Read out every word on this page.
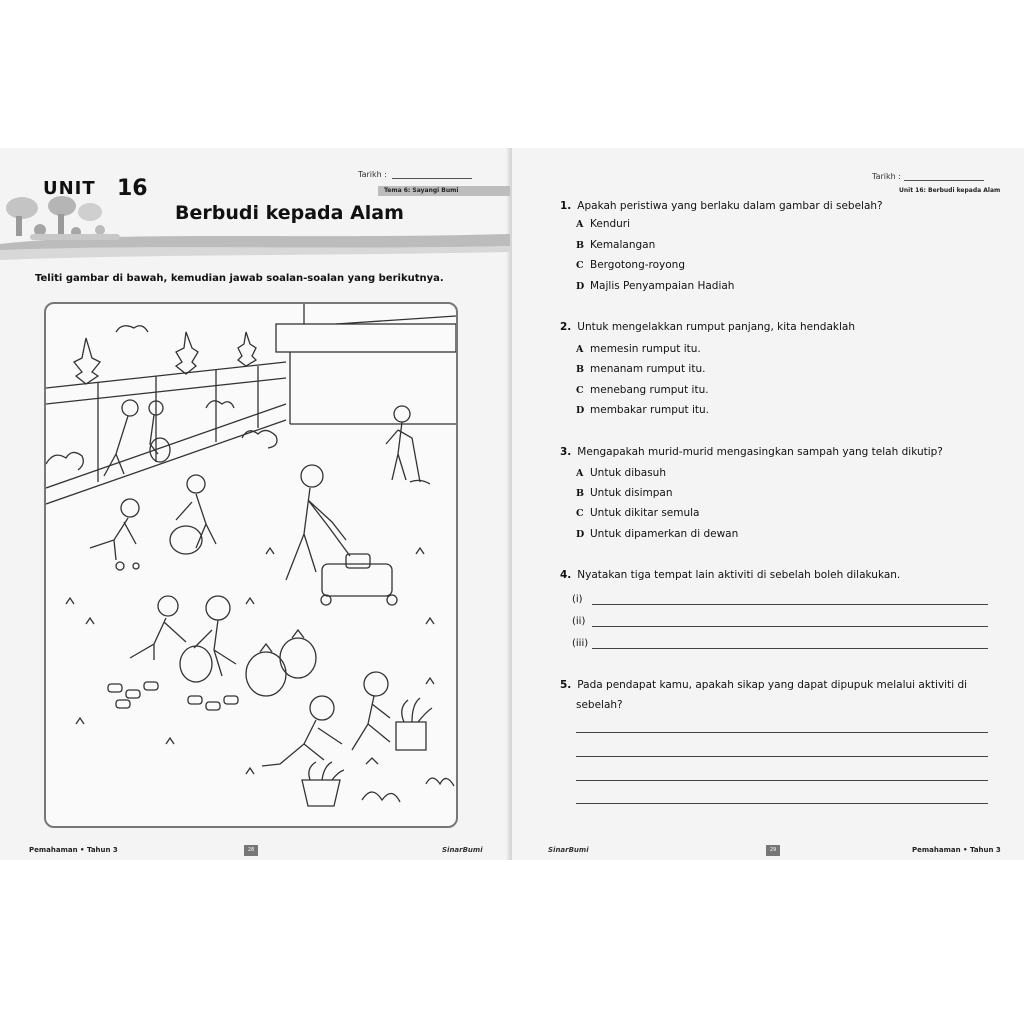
Tarikh :
Tema 6: Sayangi Bumi
UNIT 16
Berbudi kepada Alam
Teliti gambar di bawah, kemudian jawab soalan-soalan yang berikutnya.
Pemahaman • Tahun 3	28	SinarBumi
Tarikh :
Unit 16: Berbudi kepada Alam
1. Apakah peristiwa yang berlaku dalam gambar di sebelah?
A Kenduri
B Kemalangan
C Bergotong-royong
D Majlis Penyampaian Hadiah
2. Untuk mengelakkan rumput panjang, kita hendaklah
A memesin rumput itu.
B menanam rumput itu.
C menebang rumput itu.
D membakar rumput itu.
3. Mengapakah murid-murid mengasingkan sampah yang telah dikutip?
A Untuk dibasuh
B Untuk disimpan
C Untuk dikitar semula
D Untuk dipamerkan di dewan
4. Nyatakan tiga tempat lain aktiviti di sebelah boleh dilakukan.
(i)
(ii)
(iii)
5. Pada pendapat kamu, apakah sikap yang dapat dipupuk melalui aktiviti di
sebelah?
SinarBumi	29	Pemahaman • Tahun 3
